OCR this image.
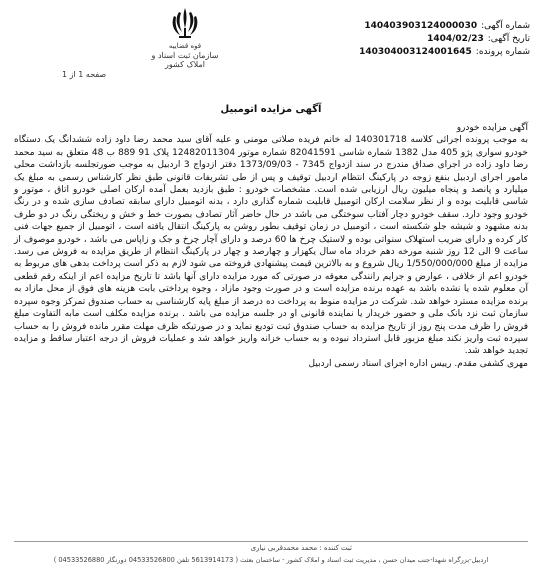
شماره آگهی:
140403903124000030
تاریخ آگهی:
1404/02/23
شماره پرونده:
140304003124001645
قوه قضاییه
سازمان ثبت اسناد و املاک کشور
صفحه 1 از 1
آگهی مزایده اتومبیل

آگهی مزایده خودرو

به موجب پرونده اجرائی کلاسه 140301718 له خانم فریده صلاتی مومنی و علیه آقای سید محمد رضا داود زاده ششدانگ یک دستگاه خودرو سواری پژو 405 مدل 1382 شماره شاسی 82041591 شماره موتور 12482011304 پلاک 91 889 ب 48 متعلق به سید محمد رضا داود زاده در اجرای صداق مندرج در سند ازدواج 7345 - 1373/09/03 دفتر ازدواج 3 اردبیل به موجب صورتجلسه بازداشت محلی مامور اجرای اردبیل بنفع زوجه در پارکینگ انتظام اردبیل توقیف و پس از طی تشریفات قانونی طبق نظر کارشناس رسمی به مبلغ یک میلیارد و پانصد و پنجاه میلیون ریال ارزیابی شده است. مشخصات خودرو : طبق بازدید بعمل آمده ارکان اصلی خودرو اتاق ، موتور و شاسی قابلیت بوده و از نظر سلامت ارکان اتومبیل قابلیت شماره گذاری دارد ، بدنه اتومبیل دارای سابقه تصادف سازی شده و در رنگ خودرو وجود دارد. سقف خودرو دچار آفتاب سوختگی می باشد در حال حاضر آثار تصادف بصورت خط و خش و ریختگی رنگ در دو طرف بدنه مشهود و شیشه جلو شکسته است ، اتومبیل در زمان توقیف بطور روشن به پارکینگ انتقال یافته است ، اتومبیل از جمیع جهات فنی کار کرده و دارای ضریب استهلاک سنواتی بوده و لاستیک چرخ ها 60 درصد و دارای آچار چرخ و جک و زاپاس می باشد ، خودرو موصوف از ساعت 9 الی 12 روز شنبه مورخه دهم خرداد ماه سال یکهزار و چهارصد و چهار در پارکینگ انتظام از طریق مزایده به فروش می رسد. مزایده از مبلغ 1/550/000/000 ریال شروع و به بالاترین قیمت پیشنهادی فروخته می شود لازم به ذکر است پرداخت بدهی های مربوط به خودرو اعم از خلافی ، عوارض و جرایم رانندگی معوقه در صورتی که مورد مزایده دارای آنها باشد تا تاریخ مزایده اعم از اینکه رقم قطعی آن معلوم شده یا نشده باشد به عهده برنده مزایده است و در صورت وجود مازاد ، وجوه پرداختی بابت هزینه های فوق از محل مازاد به برنده مزایده مسترد خواهد شد. شرکت در مزایده منوط به پرداخت ده درصد از مبلغ پایه کارشناسی به حساب صندوق تمرکز وجوه سپرده سازمان ثبت نزد بانک ملی و حضور خریدار یا نماینده قانونی او در جلسه مزایده می باشد . برنده مزایده مکلف است مابه التفاوت مبلغ فروش را ظرف مدت پنج روز از تاریخ مزایده به حساب صندوق ثبت تودیع نماید و در صورتیکه ظرف مهلت مقرر مانده فروش را به حساب سپرده ثبت واریز نکند مبلغ مزبور قابل استرداد نبوده و به حساب خزانه واریز خواهد شد و عملیات فروش از درجه اعتبار ساقط و مزایده تجدید خواهد شد.

مهری کشفی مقدم. رییس اداره اجرای اسناد رسمی اردبیل

ثبت کننده : محمد محمدقربی نیاری
اردبیل-بزرگراه شهدا-جنب میدان حسن ، مدیریت ثبت اسناد و املاک کشور - ساختمان بعثت ( 5613914173 تلفن 04533526800 دورنگار 04533526880 )
